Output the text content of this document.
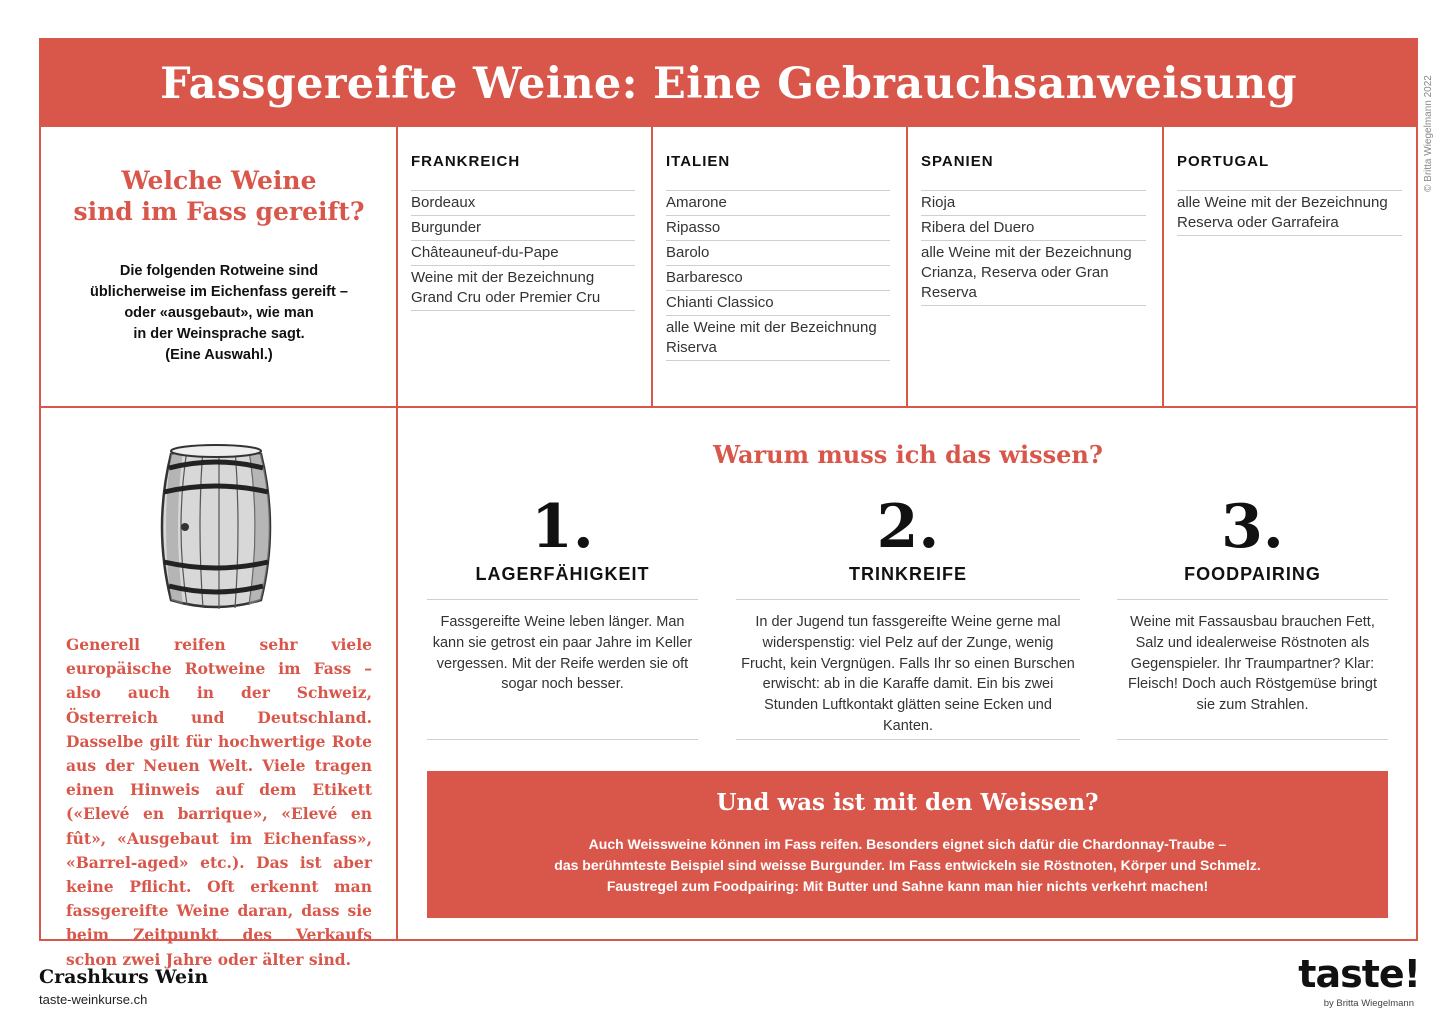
Fassgereifte Weine: Eine Gebrauchsanweisung
Welche Weine
sind im Fass gereift?

Die folgenden Rotweine sind
üblicherweise im Eichenfass gereift –
oder «ausgebaut», wie man
in der Weinsprache sagt.
(Eine Auswahl.)

FRANKREICH
Bordeaux
Burgunder
Châteauneuf-du-Pape
Weine mit der Bezeichnung Grand Cru oder Premier Cru
ITALIEN
Amarone
Ripasso
Barolo
Barbaresco
Chianti Classico
alle Weine mit der Bezeichnung Riserva
SPANIEN
Rioja
Ribera del Duero
alle Weine mit der Bezeichnung Crianza, Reserva oder Gran Reserva
PORTUGAL
alle Weine mit der Bezeichnung Reserva oder Garrafeira
Generell reifen sehr viele europäische Rotweine im Fass – also auch in der Schweiz, Österreich und Deutschland. Dasselbe gilt für hochwertige Rote aus der Neuen Welt. Viele tragen einen Hinweis auf dem Etikett («Elevé en barrique», «Elevé en fût», «Ausgebaut im Eichenfass», «Barrel-aged» etc.). Das ist aber keine Pflicht. Oft erkennt man fassgereifte Weine daran, dass sie beim Zeitpunkt des Verkaufs schon zwei Jahre oder älter sind.
Warum muss ich das wissen?
1.
LAGERFÄHIGKEIT
Fassgereifte Weine leben länger. Man kann sie getrost ein paar Jahre im Keller vergessen. Mit der Reife werden sie oft sogar noch besser.
2.
TRINKREIFE
In der Jugend tun fassgereifte Weine gerne mal widerspenstig: viel Pelz auf der Zunge, wenig Frucht, kein Vergnügen. Falls Ihr so einen Burschen erwischt: ab in die Karaffe damit. Ein bis zwei Stunden Luftkontakt glätten seine Ecken und Kanten.
3.
FOODPAIRING
Weine mit Fassausbau brauchen Fett, Salz und idealerweise Röstnoten als Gegenspieler. Ihr Traumpartner? Klar: Fleisch! Doch auch Röstgemüse bringt sie zum Strahlen.
Und was ist mit den Weissen?

Auch Weissweine können im Fass reifen. Besonders eignet sich dafür die Chardonnay-Traube –
das berühmteste Beispiel sind weisse Burgunder. Im Fass entwickeln sie Röstnoten, Körper und Schmelz.
Faustregel zum Foodpairing: Mit Butter und Sahne kann man hier nichts verkehrt machen!

© Britta Wiegelmann 2022
Crashkurs Wein
taste-weinkurse.ch
taste!
by Britta Wiegelmann
